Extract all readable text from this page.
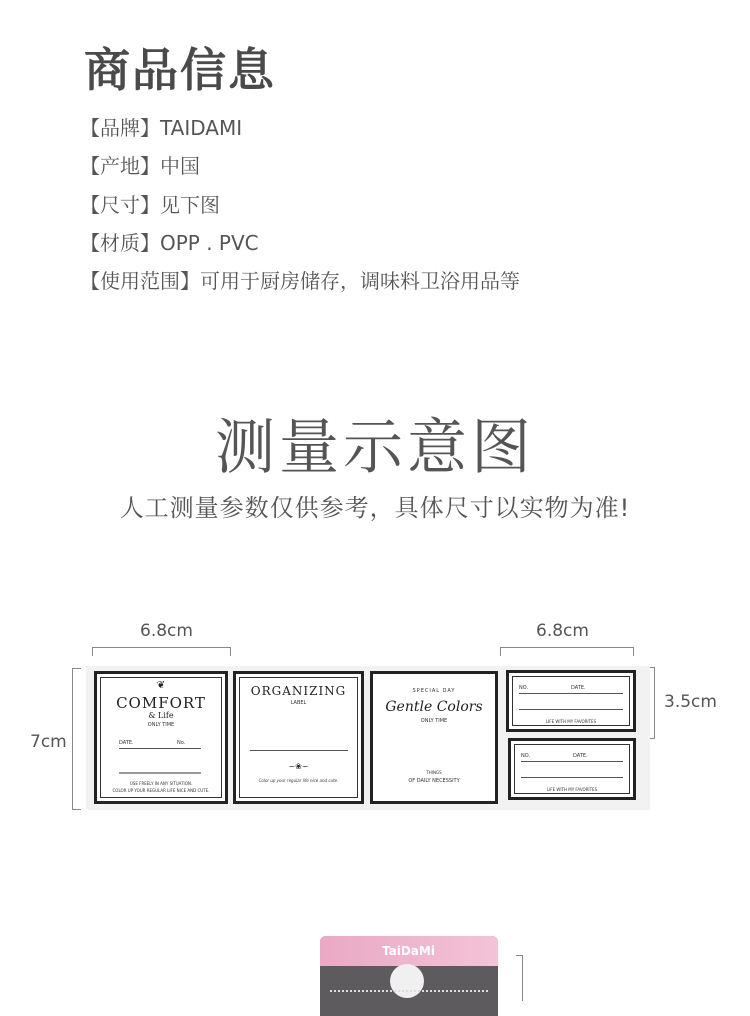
商品信息
【品牌】TAIDAMI
【产地】中国
【尺寸】见下图
【材质】OPP . PVC
【使用范围】可用于厨房储存，调味料卫浴用品等
测量示意图
人工测量参数仅供参考，具体尺寸以实物为准!
6.8cm	6.8cm
7cm
3.5cm
❦
COMFORT
& Life
ONLY TIME
DATE.	No.
USE FREELY IN ANY SITUATION.
COLOR UP YOUR REGULAR LIFE NICE AND CUTE.
ORGANIZING
LABEL
∽❀∽
Color up your regular life nice and cute.
SPECIAL DAY
Gentle Colors
ONLY TIME
THINGS
OF DAILY NECESSITY
NO.	DATE.
LIFE WITH MY FAVORITES
NO.	DATE.
LIFE WITH MY FAVORITES
TaiDaMi
